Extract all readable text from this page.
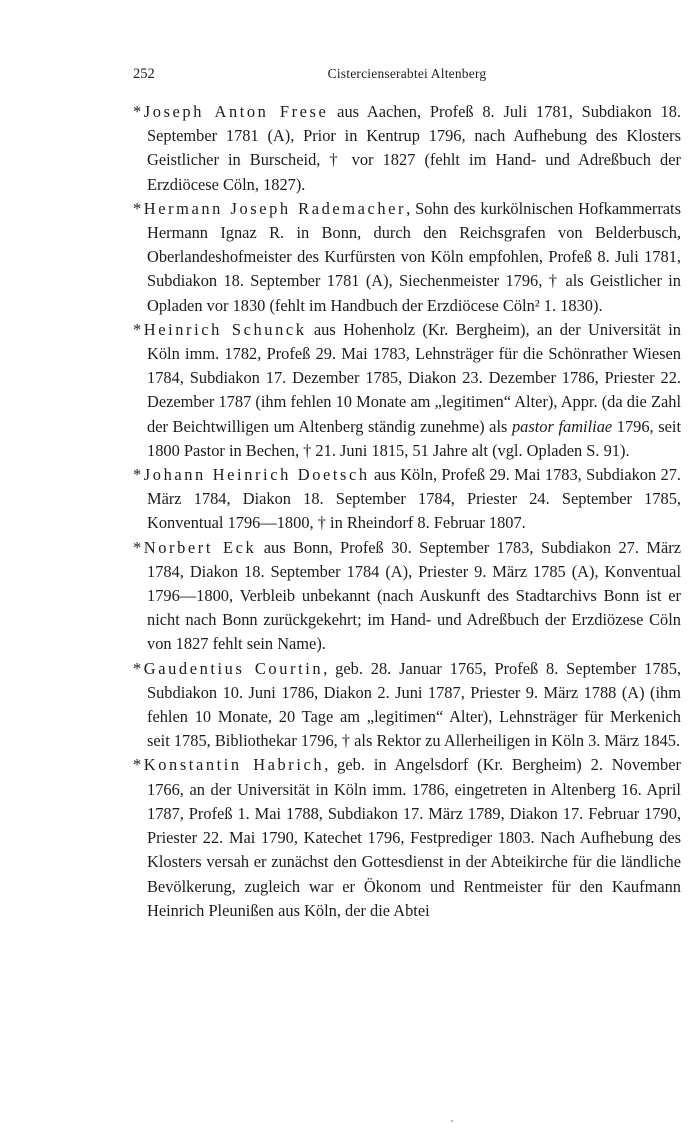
252	Cistercienserabtei Altenberg

*Joseph Anton Frese aus Aachen, Profeß 8. Juli 1781, Subdiakon 18. September 1781 (A), Prior in Kentrup 1796, nach Aufhebung des Klosters Geistlicher in Burscheid, † vor 1827 (fehlt im Hand- und Adreßbuch der Erzdiöcese Cöln, 1827).

*Hermann Joseph Rademacher, Sohn des kurkölnischen Hofkammerrats Hermann Ignaz R. in Bonn, durch den Reichsgrafen von Belderbusch, Oberlandeshofmeister des Kurfürsten von Köln empfohlen, Profeß 8. Juli 1781, Subdiakon 18. September 1781 (A), Siechenmeister 1796, † als Geistlicher in Opladen vor 1830 (fehlt im Handbuch der Erzdiöcese Cöln² 1. 1830).

*Heinrich Schunck aus Hohenholz (Kr. Bergheim), an der Universität in Köln imm. 1782, Profeß 29. Mai 1783, Lehnsträger für die Schönrather Wiesen 1784, Subdiakon 17. Dezember 1785, Diakon 23. Dezember 1786, Priester 22. Dezember 1787 (ihm fehlen 10 Monate am „legitimen“ Alter), Appr. (da die Zahl der Beichtwilligen um Altenberg ständig zunehme) als pastor familiae 1796, seit 1800 Pastor in Bechen, † 21. Juni 1815, 51 Jahre alt (vgl. Opladen S. 91).

*Johann Heinrich Doetsch aus Köln, Profeß 29. Mai 1783, Subdiakon 27. März 1784, Diakon 18. September 1784, Priester 24. September 1785, Konventual 1796—1800, † in Rheindorf 8. Februar 1807.

*Norbert Eck aus Bonn, Profeß 30. September 1783, Subdiakon 27. März 1784, Diakon 18. September 1784 (A), Priester 9. März 1785 (A), Konventual 1796—1800, Verbleib unbekannt (nach Auskunft des Stadtarchivs Bonn ist er nicht nach Bonn zurückgekehrt; im Hand- und Adreßbuch der Erzdiözese Cöln von 1827 fehlt sein Name).

*Gaudentius Courtin, geb. 28. Januar 1765, Profeß 8. September 1785, Subdiakon 10. Juni 1786, Diakon 2. Juni 1787, Priester 9. März 1788 (A) (ihm fehlen 10 Monate, 20 Tage am „legitimen“ Alter), Lehnsträger für Merkenich seit 1785, Bibliothekar 1796, † als Rektor zu Allerheiligen in Köln 3. März 1845.

*Konstantin Habrich, geb. in Angelsdorf (Kr. Bergheim) 2. November 1766, an der Universität in Köln imm. 1786, eingetreten in Altenberg 16. April 1787, Profeß 1. Mai 1788, Subdiakon 17. März 1789, Diakon 17. Februar 1790, Priester 22. Mai 1790, Katechet 1796, Festprediger 1803. Nach Aufhebung des Klosters versah er zunächst den Gottesdienst in der Abteikirche für die ländliche Bevölkerung, zugleich war er Ökonom und Rentmeister für den Kaufmann Heinrich Pleunißen aus Köln, der die Abtei
